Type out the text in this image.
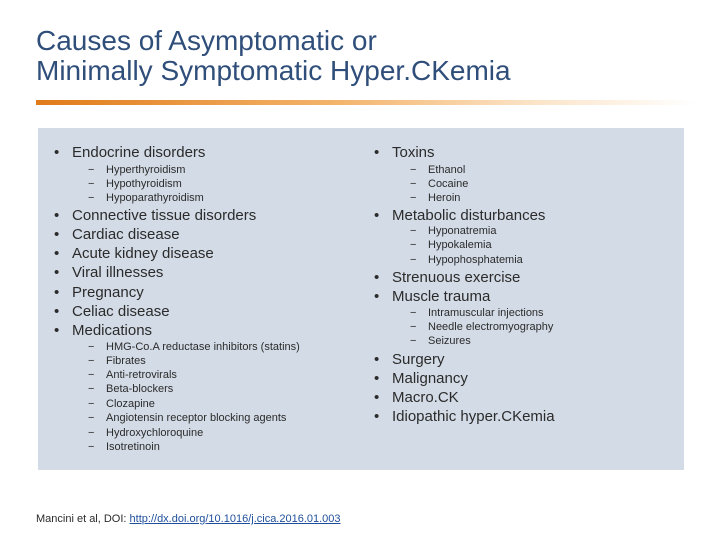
Causes of Asymptomatic or
Minimally Symptomatic Hyper.CKemia
• Endocrine disorders
− Hyperthyroidism
− Hypothyroidism
− Hypoparathyroidism
• Connective tissue disorders
• Cardiac disease
• Acute kidney disease
• Viral illnesses
• Pregnancy
• Celiac disease
• Medications
− HMG-Co.A reductase inhibitors (statins)
− Fibrates
− Anti-retrovirals
− Beta-blockers
− Clozapine
− Angiotensin receptor blocking agents
− Hydroxychloroquine
− Isotretinoin
• Toxins
− Ethanol
− Cocaine
− Heroin
• Metabolic disturbances
− Hyponatremia
− Hypokalemia
− Hypophosphatemia
• Strenuous exercise
• Muscle trauma
− Intramuscular injections
− Needle electromyography
− Seizures
• Surgery
• Malignancy
• Macro.CK
• Idiopathic hyper.CKemia
Mancini et al, DOI: http://dx.doi.org/10.1016/j.cica.2016.01.003
